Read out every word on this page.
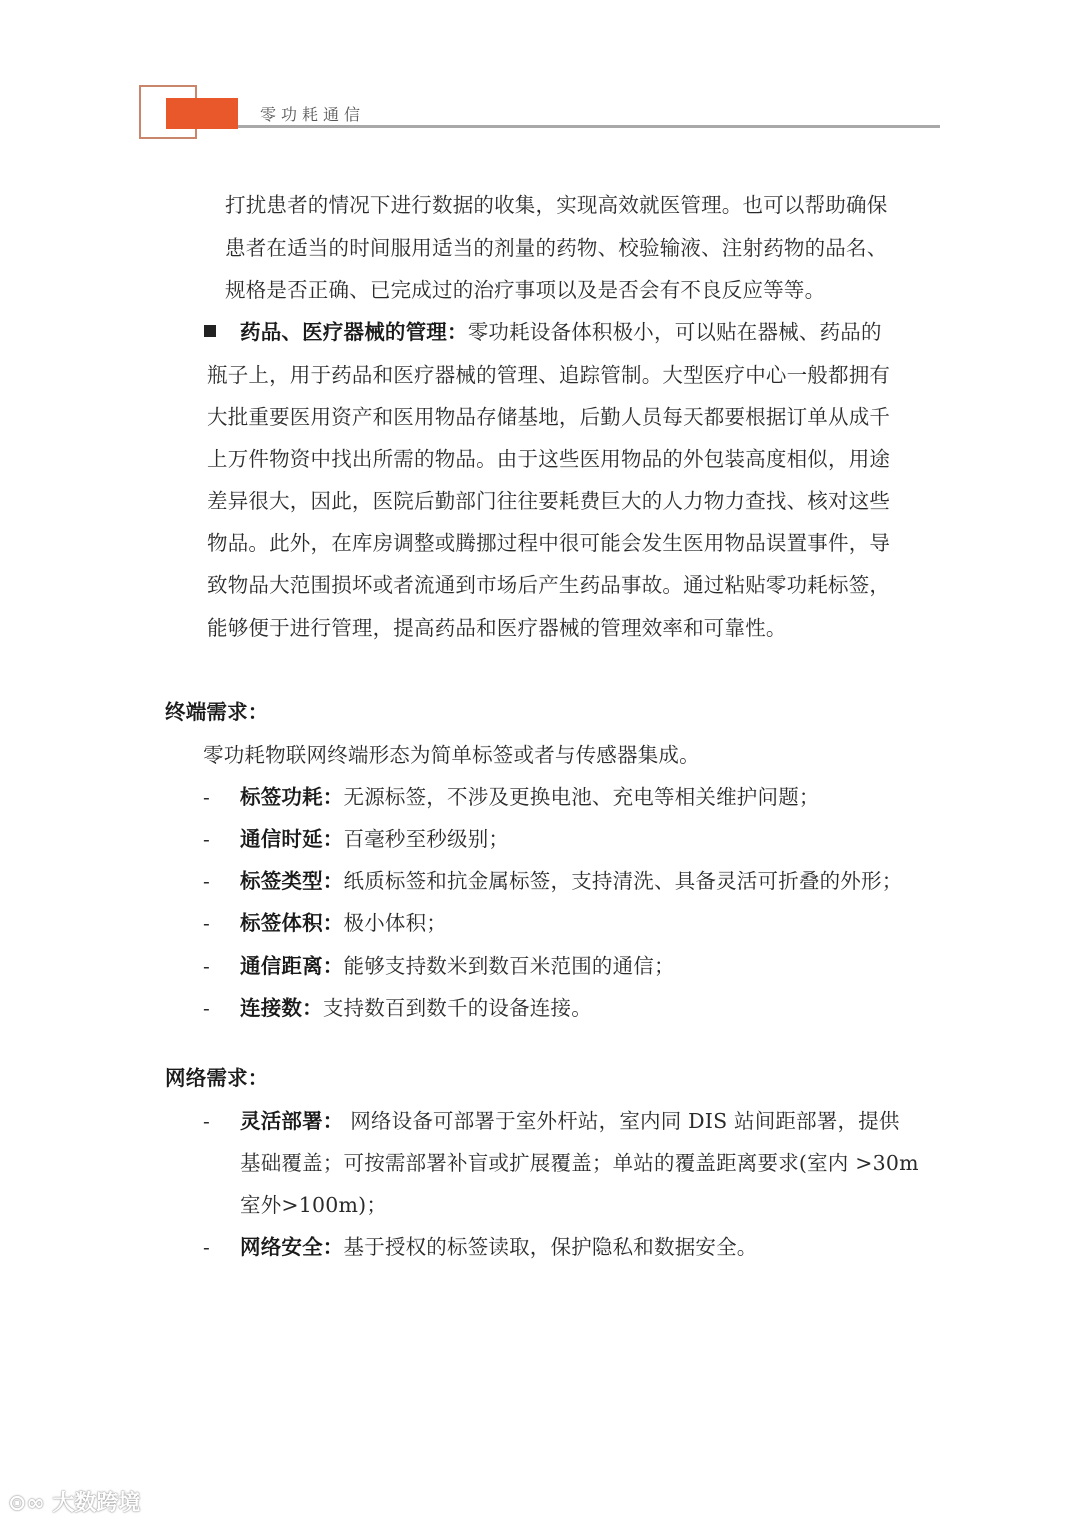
零功耗通信
打扰患者的情况下进行数据的收集，实现高效就医管理。也可以帮助确保
患者在适当的时间服用适当的剂量的药物、校验输液、注射药物的品名、
规格是否正确、已完成过的治疗事项以及是否会有不良反应等等。
药品、医疗器械的管理：零功耗设备体积极小，可以贴在器械、药品的
瓶子上，用于药品和医疗器械的管理、追踪管制。大型医疗中心一般都拥有
大批重要医用资产和医用物品存储基地，后勤人员每天都要根据订单从成千
上万件物资中找出所需的物品。由于这些医用物品的外包装高度相似，用途
差异很大，因此，医院后勤部门往往要耗费巨大的人力物力查找、核对这些
物品。此外，在库房调整或腾挪过程中很可能会发生医用物品误置事件，导
致物品大范围损坏或者流通到市场后产生药品事故。通过粘贴零功耗标签，
能够便于进行管理，提高药品和医疗器械的管理效率和可靠性。
终端需求：
零功耗物联网终端形态为简单标签或者与传感器集成。
- 标签功耗：无源标签，不涉及更换电池、充电等相关维护问题；
- 通信时延：百毫秒至秒级别；
- 标签类型：纸质标签和抗金属标签，支持清洗、具备灵活可折叠的外形；
- 标签体积：极小体积；
- 通信距离：能够支持数米到数百米范围的通信；
- 连接数：支持数百到数千的设备连接。
网络需求：
- 灵活部署： 网络设备可部署于室外杆站，室内同 DIS 站间距部署，提供
基础覆盖；可按需部署补盲或扩展覆盖；单站的覆盖距离要求(室内 >30m
室外>100m)；
- 网络安全：基于授权的标签读取，保护隐私和数据安全。
⊙∞ 大数跨境
